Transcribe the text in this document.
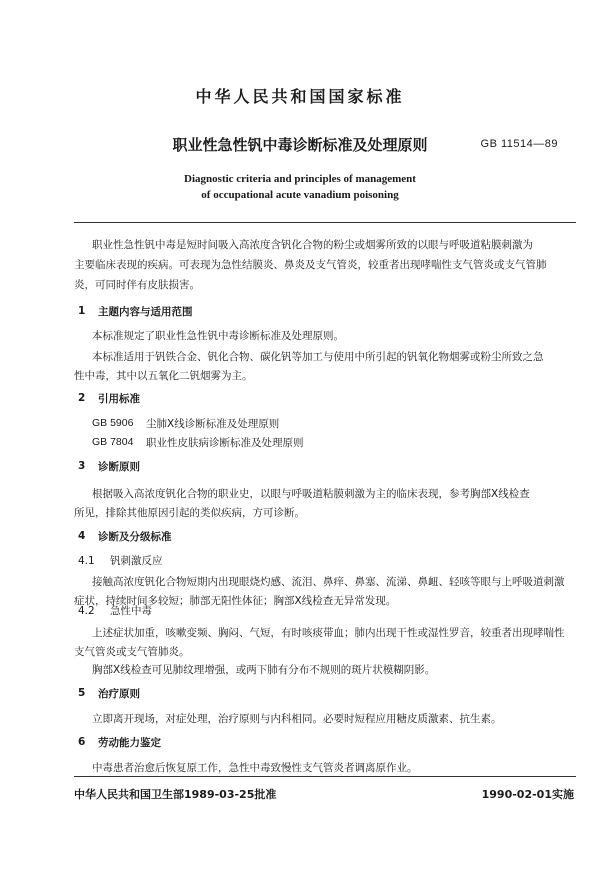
中华人民共和国国家标准
职业性急性钒中毒诊断标准及处理原则	GB 11514—89
Diagnostic criteria and principles of management
of occupational acute vanadium poisoning
职业性急性钒中毒是短时间吸入高浓度含钒化合物的粉尘或烟雾所致的以眼与呼吸道粘膜刺激为
主要临床表现的疾病。可表现为急性结膜炎、鼻炎及支气管炎，较重者出现哮喘性支气管炎或支气管肺
炎，可同时伴有皮肤损害。
1 主题内容与适用范围
本标准规定了职业性急性钒中毒诊断标准及处理原则。
本标准适用于钒铁合金、钒化合物、碳化钒等加工与使用中所引起的钒氧化物烟雾或粉尘所致之急
性中毒，其中以五氧化二钒烟雾为主。
2 引用标准
GB 5906 尘肺X线诊断标准及处理原则
GB 7804 职业性皮肤病诊断标准及处理原则
3 诊断原则
根据吸入高浓度钒化合物的职业史，以眼与呼吸道粘膜刺激为主的临床表现，参考胸部X线检查
所见，排除其他原因引起的类似疾病，方可诊断。
4 诊断及分级标准
4.1 钒刺激反应
接触高浓度钒化合物短期内出现眼烧灼感、流泪、鼻痒、鼻塞、流涕、鼻衄、轻咳等眼与上呼吸道刺激
症状，持续时间多较短；肺部无阳性体征；胸部X线检查无异常发现。
4.2 急性中毒
上述症状加重，咳嗽变频、胸闷、气短，有时咳痰带血；肺内出现干性或湿性罗音，较重者出现哮喘性
支气管炎或支气管肺炎。
胸部X线检查可见肺纹理增强，或两下肺有分布不规则的斑片状模糊阴影。
5 治疗原则
立即离开现场，对症处理，治疗原则与内科相同。必要时短程应用糖皮质激素、抗生素。
6 劳动能力鉴定
中毒患者治愈后恢复原工作，急性中毒致慢性支气管炎者调离原作业。
中华人民共和国卫生部1989-03-25批准	1990-02-01实施
